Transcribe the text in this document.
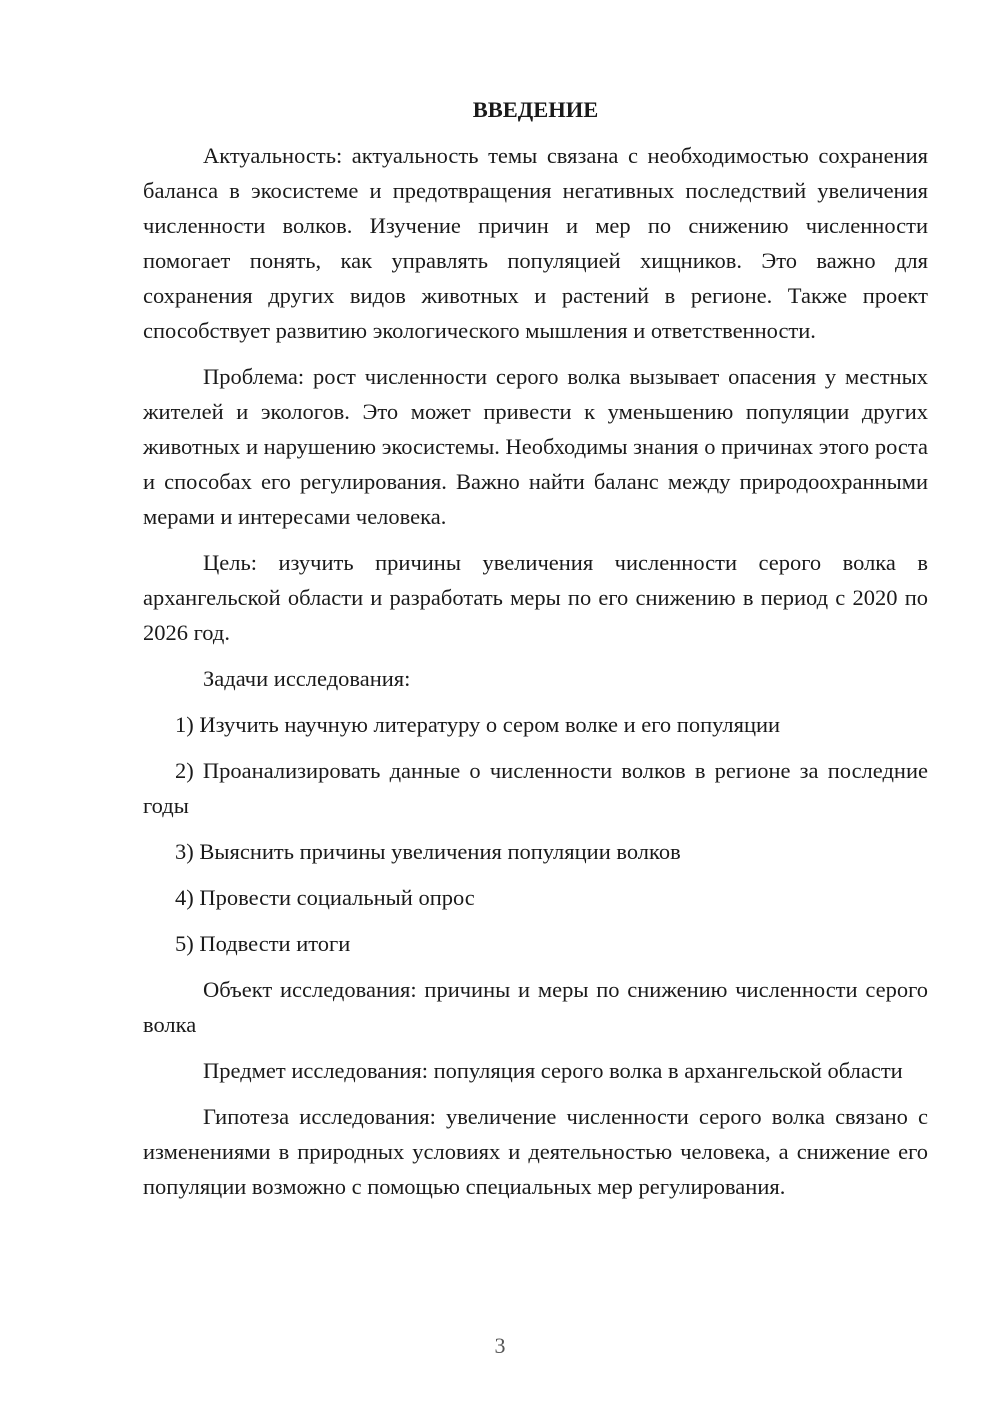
ВВЕДЕНИЕ

Актуальность: актуальность темы связана с необходимостью сохранения баланса в экосистеме и предотвращения негативных последствий увеличения численности волков. Изучение причин и мер по снижению численности помогает понять, как управлять популяцией хищников. Это важно для сохранения других видов животных и растений в регионе. Также проект способствует развитию экологического мышления и ответственности.

Проблема: рост численности серого волка вызывает опасения у местных жителей и экологов. Это может привести к уменьшению популяции других животных и нарушению экосистемы. Необходимы знания о причинах этого роста и способах его регулирования. Важно найти баланс между природоохранными мерами и интересами человека.

Цель: изучить причины увеличения численности серого волка в архангельской области и разработать меры по его снижению в период с 2020 по 2026 год.

Задачи исследования:

1) Изучить научную литературу о сером волке и его популяции

2) Проанализировать данные о численности волков в регионе за последние годы

3) Выяснить причины увеличения популяции волков

4) Провести социальный опрос

5) Подвести итоги

Объект исследования: причины и меры по снижению численности серого волка

Предмет исследования: популяция серого волка в архангельской области

Гипотеза исследования: увеличение численности серого волка связано с изменениями в природных условиях и деятельностью человека, а снижение его популяции возможно с помощью специальных мер регулирования.

3
